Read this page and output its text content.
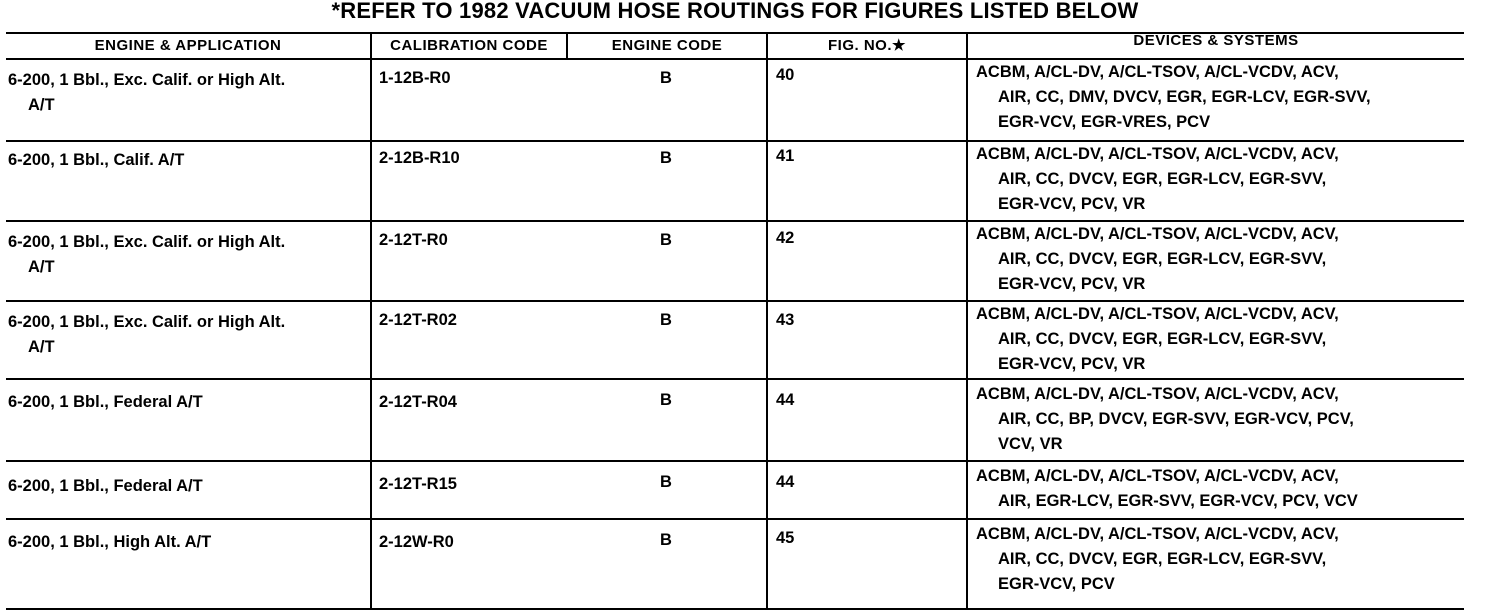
*REFER TO 1982 VACUUM HOSE ROUTINGS FOR FIGURES LISTED BELOW
ENGINE & APPLICATION	CALIBRATION CODE	ENGINE CODE	FIG. NO.★	DEVICES & SYSTEMS
6-200, 1 Bbl., Exc. Calif. or High Alt.
A/T
1-12B-R0	B	40	ACBM, A/CL-DV, A/CL-TSOV, A/CL-VCDV, ACV,
AIR, CC, DMV, DVCV, EGR, EGR-LCV, EGR-SVV,
EGR-VCV, EGR-VRES, PCV
6-200, 1 Bbl., Calif. A/T	2-12B-R10	B	41	ACBM, A/CL-DV, A/CL-TSOV, A/CL-VCDV, ACV,
AIR, CC, DVCV, EGR, EGR-LCV, EGR-SVV,
EGR-VCV, PCV, VR
6-200, 1 Bbl., Exc. Calif. or High Alt.
A/T
2-12T-R0	B	42	ACBM, A/CL-DV, A/CL-TSOV, A/CL-VCDV, ACV,
AIR, CC, DVCV, EGR, EGR-LCV, EGR-SVV,
EGR-VCV, PCV, VR
6-200, 1 Bbl., Exc. Calif. or High Alt.
A/T
2-12T-R02	B	43	ACBM, A/CL-DV, A/CL-TSOV, A/CL-VCDV, ACV,
AIR, CC, DVCV, EGR, EGR-LCV, EGR-SVV,
EGR-VCV, PCV, VR
6-200, 1 Bbl., Federal A/T	2-12T-R04	B	44	ACBM, A/CL-DV, A/CL-TSOV, A/CL-VCDV, ACV,
AIR, CC, BP, DVCV, EGR-SVV, EGR-VCV, PCV,
VCV, VR
6-200, 1 Bbl., Federal A/T	2-12T-R15	B	44	ACBM, A/CL-DV, A/CL-TSOV, A/CL-VCDV, ACV,
AIR, EGR-LCV, EGR-SVV, EGR-VCV, PCV, VCV
6-200, 1 Bbl., High Alt. A/T	2-12W-R0	B	45	ACBM, A/CL-DV, A/CL-TSOV, A/CL-VCDV, ACV,
AIR, CC, DVCV, EGR, EGR-LCV, EGR-SVV,
EGR-VCV, PCV
